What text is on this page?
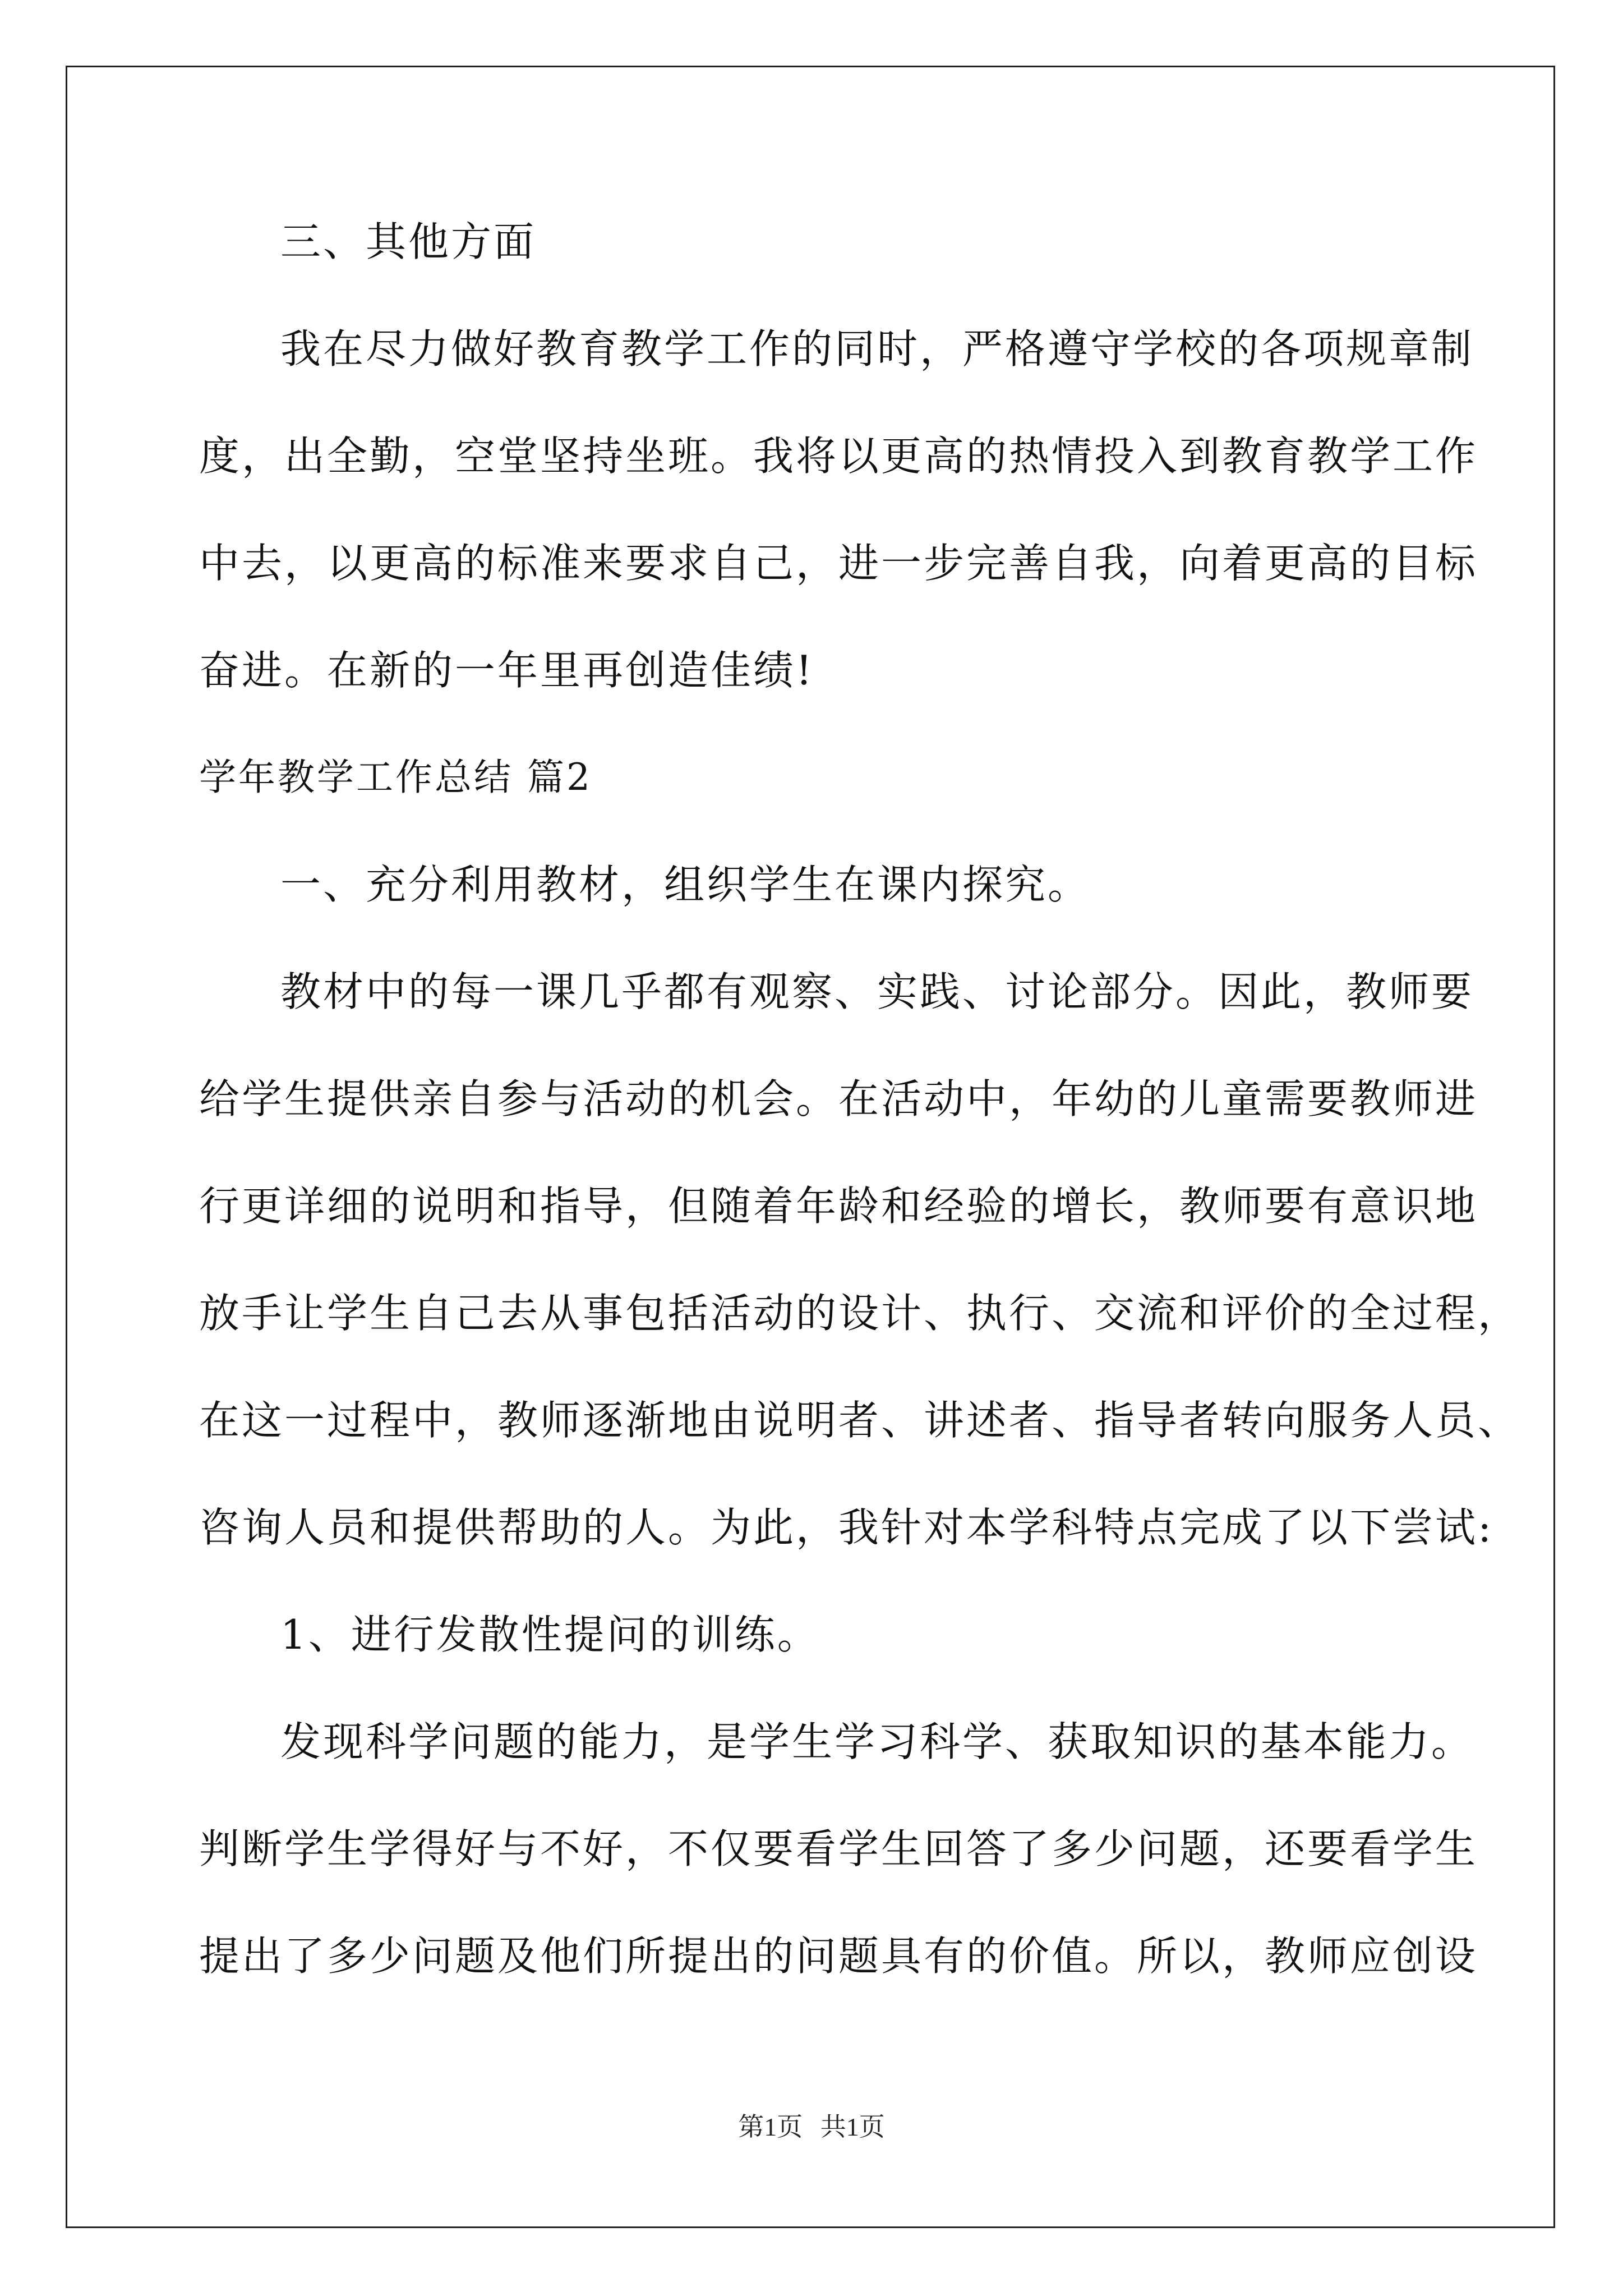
三、其他方面
我在尽力做好教育教学工作的同时，严格遵守学校的各项规章制
度，出全勤，空堂坚持坐班。我将以更高的热情投入到教育教学工作
中去，以更高的标准来要求自己，进一步完善自我，向着更高的目标
奋进。在新的一年里再创造佳绩!
学年教学工作总结 篇2
一、充分利用教材，组织学生在课内探究。
教材中的每一课几乎都有观察、实践、讨论部分。因此，教师要
给学生提供亲自参与活动的机会。在活动中，年幼的儿童需要教师进
行更详细的说明和指导，但随着年龄和经验的增长，教师要有意识地
放手让学生自己去从事包括活动的设计、执行、交流和评价的全过程，
在这一过程中，教师逐渐地由说明者、讲述者、指导者转向服务人员、
咨询人员和提供帮助的人。为此，我针对本学科特点完成了以下尝试:
1、进行发散性提问的训练。
发现科学问题的能力，是学生学习科学、获取知识的基本能力。
判断学生学得好与不好，不仅要看学生回答了多少问题，还要看学生
提出了多少问题及他们所提出的问题具有的价值。所以，教师应创设
第1页 共1页
